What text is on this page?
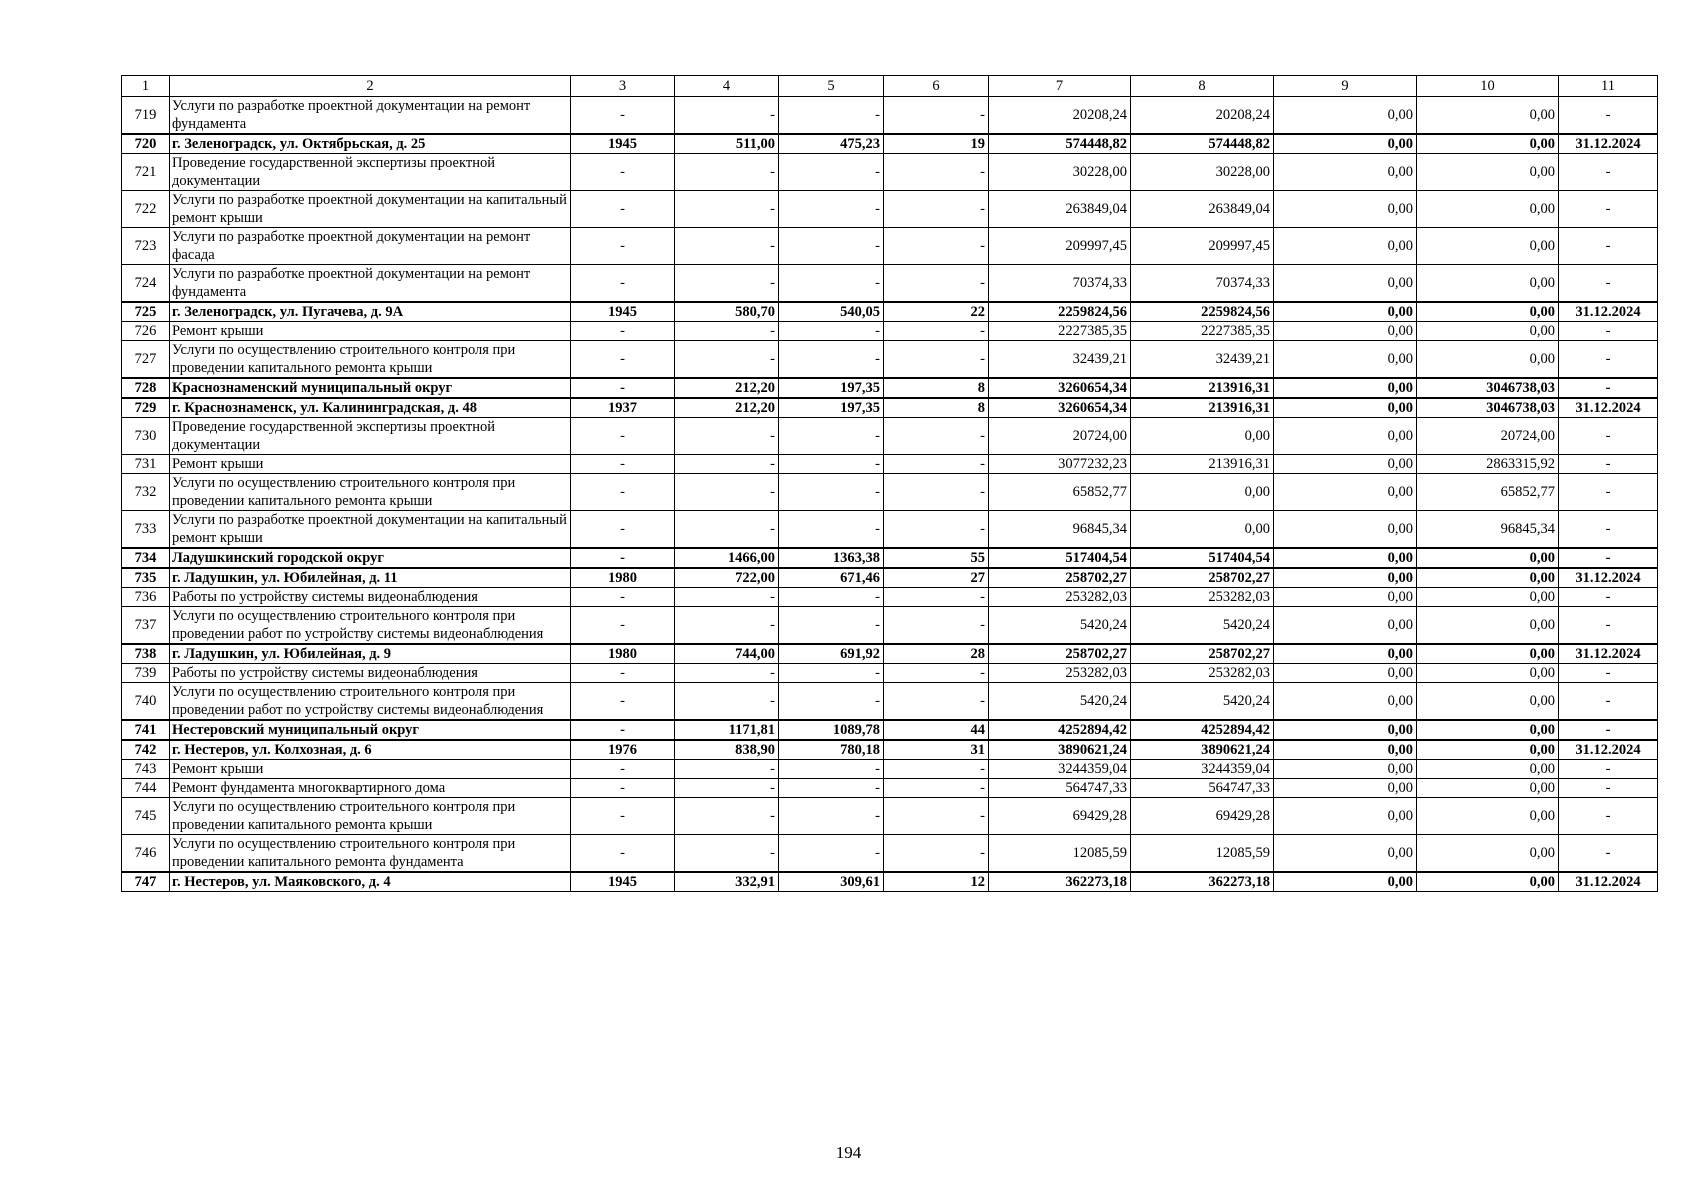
1	2	3	4	5	6	7	8	9	10	11
719	Услуги по разработке проектной документации на ремонт фундамента	-	-	-	-	20208,24	20208,24	0,00	0,00	-
720	г. Зеленоградск, ул. Октябрьская, д. 25	1945	511,00	475,23	19	574448,82	574448,82	0,00	0,00	31.12.2024
721	Проведение государственной экспертизы проектной документации	-	-	-	-	30228,00	30228,00	0,00	0,00	-
722	Услуги по разработке проектной документации на капитальный ремонт крыши	-	-	-	-	263849,04	263849,04	0,00	0,00	-
723	Услуги по разработке проектной документации на ремонт фасада	-	-	-	-	209997,45	209997,45	0,00	0,00	-
724	Услуги по разработке проектной документации на ремонт фундамента	-	-	-	-	70374,33	70374,33	0,00	0,00	-
725	г. Зеленоградск, ул. Пугачева, д. 9А	1945	580,70	540,05	22	2259824,56	2259824,56	0,00	0,00	31.12.2024
726	Ремонт крыши	-	-	-	-	2227385,35	2227385,35	0,00	0,00	-
727	Услуги по осуществлению строительного контроля при проведении капитального ремонта крыши	-	-	-	-	32439,21	32439,21	0,00	0,00	-
728	Краснознаменский муниципальный округ	-	212,20	197,35	8	3260654,34	213916,31	0,00	3046738,03	-
729	г. Краснознаменск, ул. Калининградская, д. 48	1937	212,20	197,35	8	3260654,34	213916,31	0,00	3046738,03	31.12.2024
730	Проведение государственной экспертизы проектной документации	-	-	-	-	20724,00	0,00	0,00	20724,00	-
731	Ремонт крыши	-	-	-	-	3077232,23	213916,31	0,00	2863315,92	-
732	Услуги по осуществлению строительного контроля при проведении капитального ремонта крыши	-	-	-	-	65852,77	0,00	0,00	65852,77	-
733	Услуги по разработке проектной документации на капитальный ремонт крыши	-	-	-	-	96845,34	0,00	0,00	96845,34	-
734	Ладушкинский городской округ	-	1466,00	1363,38	55	517404,54	517404,54	0,00	0,00	-
735	г. Ладушкин, ул. Юбилейная, д. 11	1980	722,00	671,46	27	258702,27	258702,27	0,00	0,00	31.12.2024
736	Работы по устройству системы видеонаблюдения	-	-	-	-	253282,03	253282,03	0,00	0,00	-
737	Услуги по осуществлению строительного контроля при проведении работ по устройству системы видеонаблюдения	-	-	-	-	5420,24	5420,24	0,00	0,00	-
738	г. Ладушкин, ул. Юбилейная, д. 9	1980	744,00	691,92	28	258702,27	258702,27	0,00	0,00	31.12.2024
739	Работы по устройству системы видеонаблюдения	-	-	-	-	253282,03	253282,03	0,00	0,00	-
740	Услуги по осуществлению строительного контроля при проведении работ по устройству системы видеонаблюдения	-	-	-	-	5420,24	5420,24	0,00	0,00	-
741	Нестеровский муниципальный округ	-	1171,81	1089,78	44	4252894,42	4252894,42	0,00	0,00	-
742	г. Нестеров, ул. Колхозная, д. 6	1976	838,90	780,18	31	3890621,24	3890621,24	0,00	0,00	31.12.2024
743	Ремонт крыши	-	-	-	-	3244359,04	3244359,04	0,00	0,00	-
744	Ремонт фундамента многоквартирного дома	-	-	-	-	564747,33	564747,33	0,00	0,00	-
745	Услуги по осуществлению строительного контроля при проведении капитального ремонта крыши	-	-	-	-	69429,28	69429,28	0,00	0,00	-
746	Услуги по осуществлению строительного контроля при проведении капитального ремонта фундамента	-	-	-	-	12085,59	12085,59	0,00	0,00	-
747	г. Нестеров, ул. Маяковского, д. 4	1945	332,91	309,61	12	362273,18	362273,18	0,00	0,00	31.12.2024
194
